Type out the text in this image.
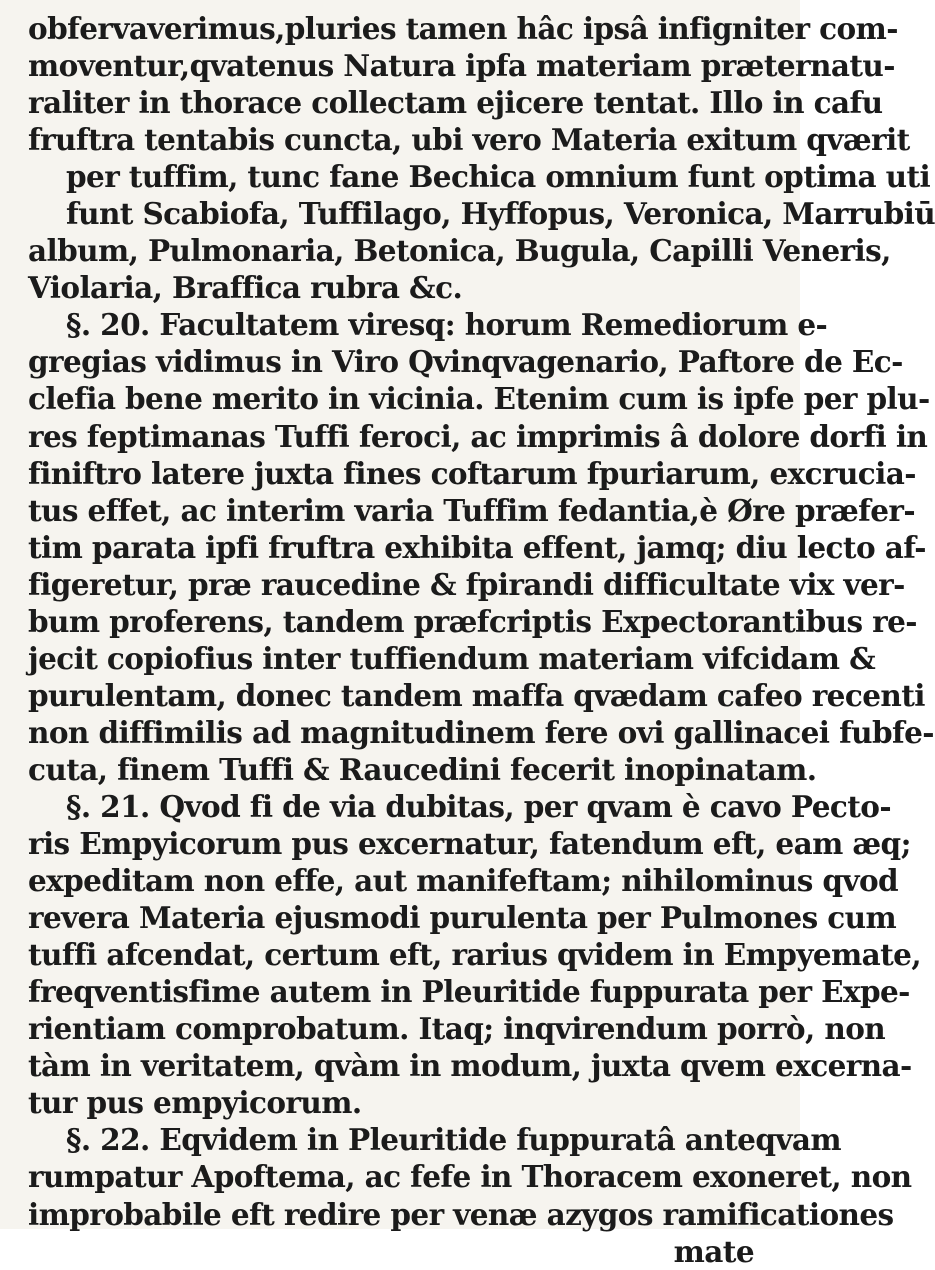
obfervaverimus,pluries tamen hâc ipsâ infigniter com-
moventur,qvatenus Natura ipfa materiam præternatu-
raliter in thorace collectam ejicere tentat. Illo in cafu
fruftra tentabis cuncta, ubi vero Materia exitum qværit
per tuffim, tunc fane Bechica omnium funt optima uti
funt Scabiofa, Tuffilago, Hyffopus, Veronica, Marrubiū
album, Pulmonaria, Betonica, Bugula, Capilli Veneris,
Violaria, Braffica rubra &c.
§. 20. Facultatem viresq: horum Remediorum e-
gregias vidimus in Viro Qvinqvagenario, Paftore de Ec-
clefia bene merito in vicinia. Etenim cum is ipfe per plu-
res feptimanas Tuffi feroci, ac imprimis â dolore dorfi in
finiftro latere juxta fines coftarum fpuriarum, excrucia-
tus effet, ac interim varia Tuffim fedantia,è Øre præfer-
tim parata ipfi fruftra exhibita effent, jamq; diu lecto af-
figeretur, præ raucedine & fpirandi difficultate vix ver-
bum proferens, tandem præfcriptis Expectorantibus re-
jecit copiofius inter tuffiendum materiam vifcidam &
purulentam, donec tandem maffa qvædam cafeo recenti
non diffimilis ad magnitudinem fere ovi gallinacei fubfe-
cuta, finem Tuffi & Raucedini fecerit inopinatam.
§. 21. Qvod fi de via dubitas, per qvam è cavo Pecto-
ris Empyicorum pus excernatur, fatendum eft, eam æq;
expeditam non effe, aut manifeftam; nihilominus qvod
revera Materia ejusmodi purulenta per Pulmones cum
tuffi afcendat, certum eft, rarius qvidem in Empyemate,
freqventisfime autem in Pleuritide fuppurata per Expe-
rientiam comprobatum. Itaq; inqvirendum porrò, non
tàm in veritatem, qvàm in modum, juxta qvem excerna-
tur pus empyicorum.
§. 22. Eqvidem in Pleuritide fuppuratâ anteqvam
rumpatur Apoftema, ac fefe in Thoracem exoneret, non
improbabile eft redire per venæ azygos ramificationes
mate
